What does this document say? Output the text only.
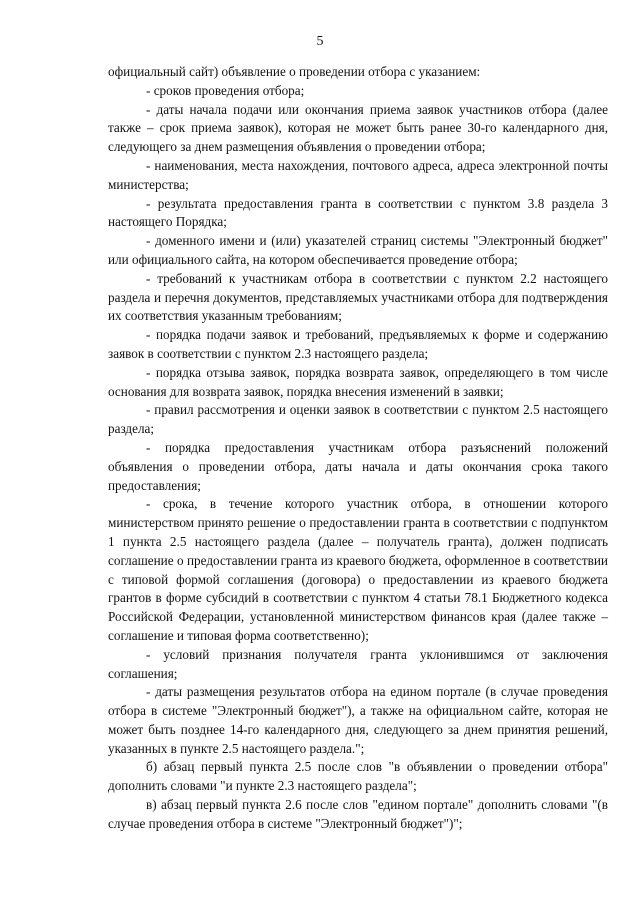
5

официальный сайт) объявление о проведении отбора с указанием:

- сроков проведения отбора;

- даты начала подачи или окончания приема заявок участников отбора (далее также – срок приема заявок), которая не может быть ранее 30-го календарного дня, следующего за днем размещения объявления о проведении отбора;

- наименования, места нахождения, почтового адреса, адреса электронной почты министерства;

- результата предоставления гранта в соответствии с пунктом 3.8 раздела 3 настоящего Порядка;

- доменного имени и (или) указателей страниц системы "Электронный бюджет" или официального сайта, на котором обеспечивается проведение отбора;

- требований к участникам отбора в соответствии с пунктом 2.2 настоящего раздела и перечня документов, представляемых участниками отбора для подтверждения их соответствия указанным требованиям;

- порядка подачи заявок и требований, предъявляемых к форме и содержанию заявок в соответствии с пунктом 2.3 настоящего раздела;

- порядка отзыва заявок, порядка возврата заявок, определяющего в том числе основания для возврата заявок, порядка внесения изменений в заявки;

- правил рассмотрения и оценки заявок в соответствии с пунктом 2.5 настоящего раздела;

- порядка предоставления участникам отбора разъяснений положений объявления о проведении отбора, даты начала и даты окончания срока такого предоставления;

- срока, в течение которого участник отбора, в отношении которого министерством принято решение о предоставлении гранта в соответствии с подпунктом 1 пункта 2.5 настоящего раздела (далее – получатель гранта), должен подписать соглашение о предоставлении гранта из краевого бюджета, оформленное в соответствии с типовой формой соглашения (договора) о предоставлении из краевого бюджета грантов в форме субсидий в соответствии с пунктом 4 статьи 78.1 Бюджетного кодекса Российской Федерации, установленной министерством финансов края (далее также – соглашение и типовая форма соответственно);

- условий признания получателя гранта уклонившимся от заключения соглашения;

- даты размещения результатов отбора на едином портале (в случае проведения отбора в системе "Электронный бюджет"), а также на официальном сайте, которая не может быть позднее 14-го календарного дня, следующего за днем принятия решений, указанных в пункте 2.5 настоящего раздела.";

б) абзац первый пункта 2.5 после слов "в объявлении о проведении отбора" дополнить словами "и пункте 2.3 настоящего раздела";

в) абзац первый пункта 2.6 после слов "едином портале" дополнить словами "(в случае проведения отбора в системе "Электронный бюджет")";
